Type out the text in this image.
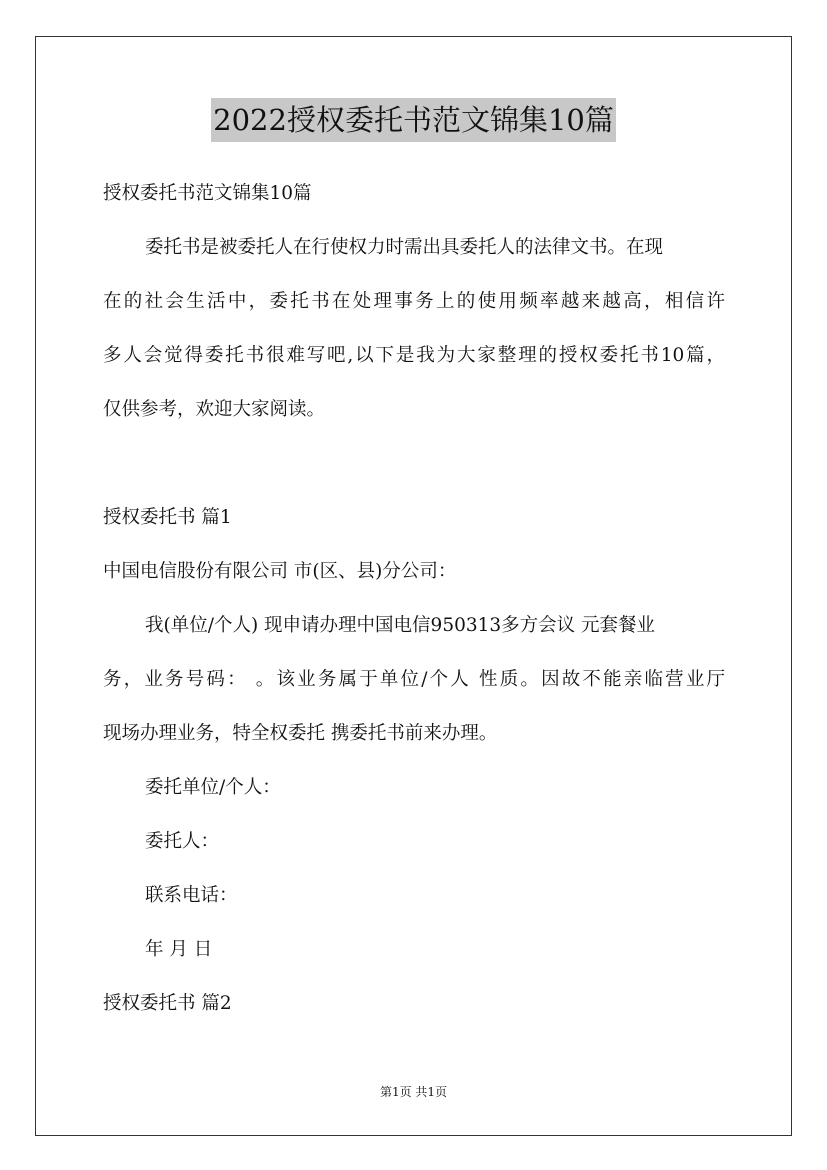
2022授权委托书范文锦集10篇
授权委托书范文锦集10篇
委托书是被委托人在行使权力时需出具委托人的法律文书。在现
在的社会生活中，委托书在处理事务上的使用频率越来越高，相信许
多人会觉得委托书很难写吧,以下是我为大家整理的授权委托书10篇，
仅供参考，欢迎大家阅读。
授权委托书 篇1
中国电信股份有限公司 市(区、县)分公司：
我(单位/个人) 现申请办理中国电信950313多方会议 元套餐业
务，业务号码： 。该业务属于单位/个人 性质。因故不能亲临营业厅
现场办理业务，特全权委托 携委托书前来办理。
委托单位/个人：
委托人：
联系电话：
年 月 日
授权委托书 篇2
第1页 共1页
